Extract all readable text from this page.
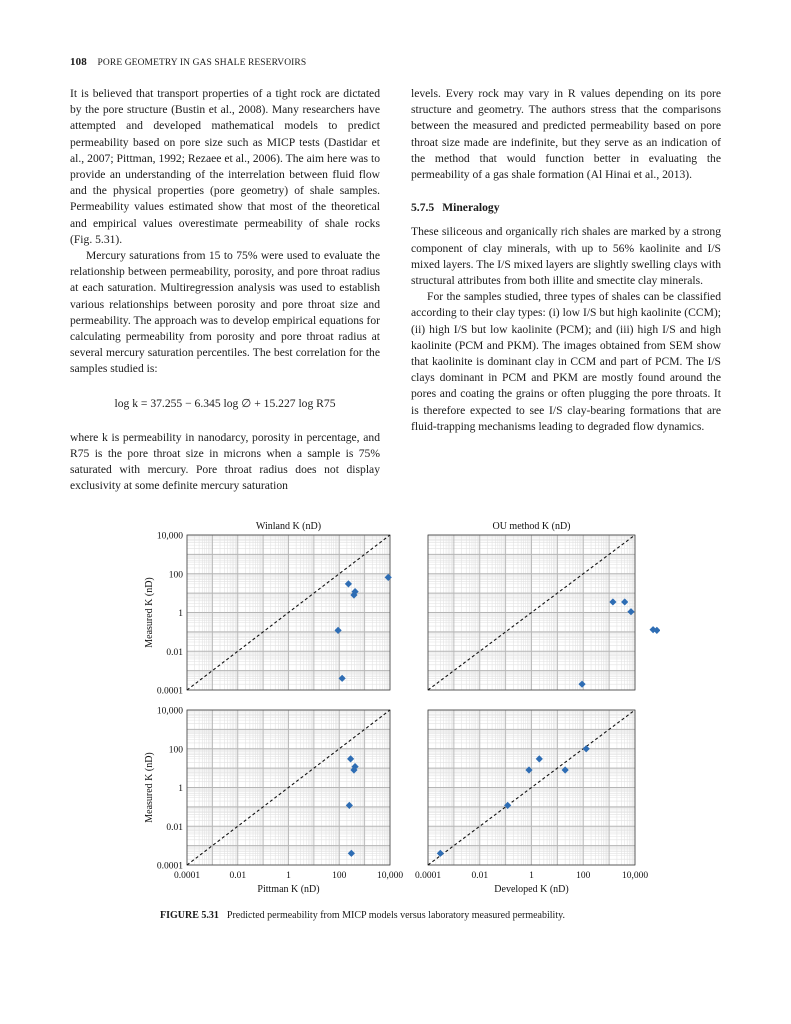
108 PORE GEOMETRY IN GAS SHALE RESERVOIRS

It is believed that transport properties of a tight rock are dictated by the pore structure (Bustin et al., 2008). Many researchers have attempted and developed mathematical models to predict permeability based on pore size such as MICP tests (Dastidar et al., 2007; Pittman, 1992; Rezaee et al., 2006). The aim here was to provide an understanding of the interrelation between fluid flow and the physical properties (pore geometry) of shale samples. Permeability values estimated show that most of the theoretical and empirical values overestimate permeability of shale rocks (Fig. 5.31).

Mercury saturations from 15 to 75% were used to evaluate the relationship between permeability, porosity, and pore throat radius at each saturation. Multiregression analysis was used to establish various relationships between porosity and pore throat size and permeability. The approach was to develop empirical equations for calculating permeability from porosity and pore throat radius at several mercury saturation percentiles. The best correlation for the samples studied is:

log k = 37.255 − 6.345 log ∅ + 15.227 log R75

where k is permeability in nanodarcy, porosity in percentage, and R75 is the pore throat size in microns when a sample is 75% saturated with mercury. Pore throat radius does not display exclusivity at some definite mercury saturation

levels. Every rock may vary in R values depending on its pore structure and geometry. The authors stress that the comparisons between the measured and predicted permeability based on pore throat size made are indefinite, but they serve as an indication of the method that would function better in evaluating the permeability of a gas shale formation (Al Hinai et al., 2013).

5.7.5 Mineralogy

These siliceous and organically rich shales are marked by a strong component of clay minerals, with up to 56% kaolinite and I/S mixed layers. The I/S mixed layers are slightly swelling clays with structural attributes from both illite and smectite clay minerals.

For the samples studied, three types of shales can be classified according to their clay types: (i) low I/S but high kaolinite (CCM); (ii) high I/S but low kaolinite (PCM); and (iii) high I/S and high kaolinite (PCM and PKM). The images obtained from SEM show that kaolinite is dominant clay in CCM and part of PCM. The I/S clays dominant in PCM and PKM are mostly found around the pores and coating the grains or often plugging the pore throats. It is therefore expected to see I/S clay-bearing formations that are fluid-trapping mechanisms leading to degraded flow dynamics.

Winland K (nD)
0.0001
0.01
1
100
10,000
Measured K (nD)
OU method K (nD)
0.0001
0.01
1
100
10,000
0.0001	0.01	1	100	10,000
Pittman K (nD)
Measured K (nD)
0.0001	0.01	1	100	10,000
Developed K (nD)
FIGURE 5.31 Predicted permeability from MICP models versus laboratory measured permeability.
